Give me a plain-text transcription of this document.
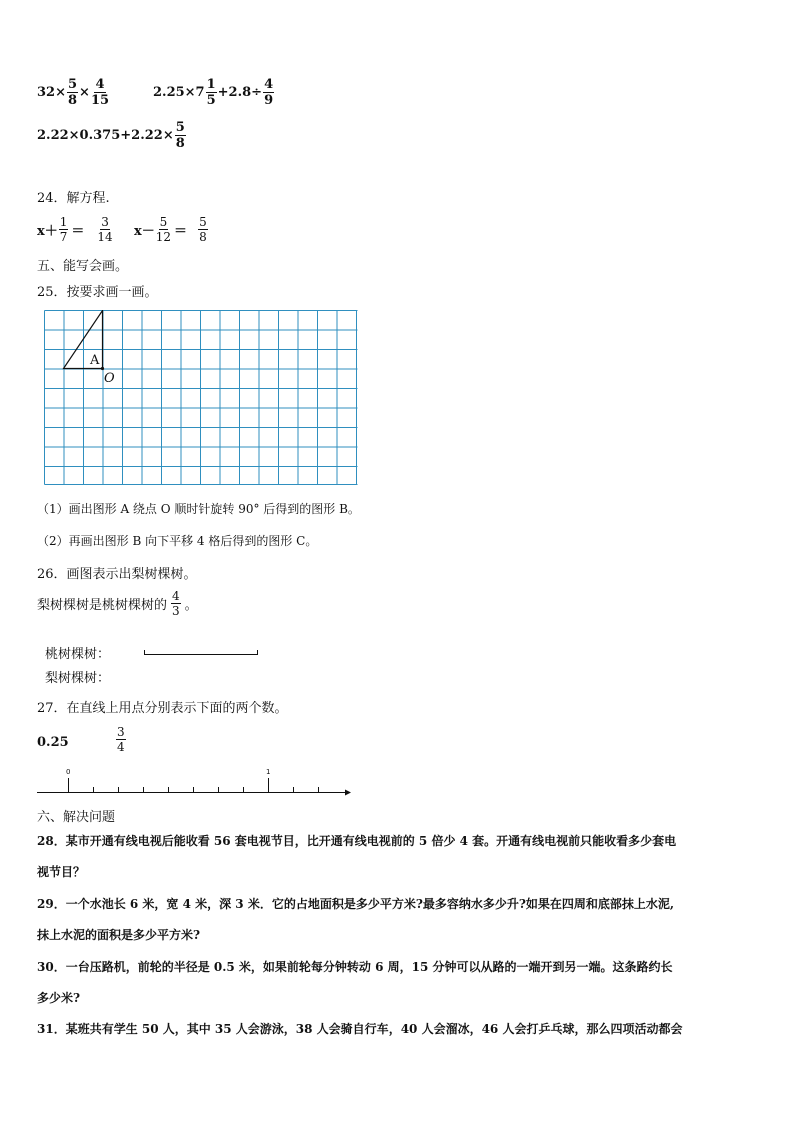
$32\times \frac{5}{8} \times \frac{4}{15}$	$2.25\times 7 \frac{1}{5} +2.8\div \frac{4}{9}$
$2.22\times 0.375+2.22\times \frac{5}{8}$
24．解方程.
$x+ \frac{1}{7} = \frac{3}{14} x- \frac{5}{12} = \frac{5}{8}$
五、能写会画。
25．按要求画一画。
A
O
（1）画出图形 A 绕点 O 顺时针旋转 90° 后得到的图形 B。
（2）再画出图形 B 向下平移 4 格后得到的图形 C。
26．画图表示出梨树棵树。
梨树棵树是桃树棵树的 $\frac{4}{3}$ 。
桃树棵树：
梨树棵树：
27．在直线上用点分别表示下面的两个数。
0.25	$\frac{3}{4}$
0	1
六、解决问题
28．某市开通有线电视后能收看 56 套电视节目，比开通有线电视前的 5 倍少 4 套。开通有线电视前只能收看多少套电
视节目？
29．一个水池长 6 米，宽 4 米，深 3 米．它的占地面积是多少平方米?最多容纳水多少升?如果在四周和底部抹上水泥,
抹上水泥的面积是多少平方米?
30．一台压路机，前轮的半径是 0.5 米，如果前轮每分钟转动 6 周，15 分钟可以从路的一端开到另一端。这条路约长
多少米?
31．某班共有学生 50 人，其中 35 人会游泳，38 人会骑自行车，40 人会溜冰，46 人会打乒乓球，那么四项活动都会
